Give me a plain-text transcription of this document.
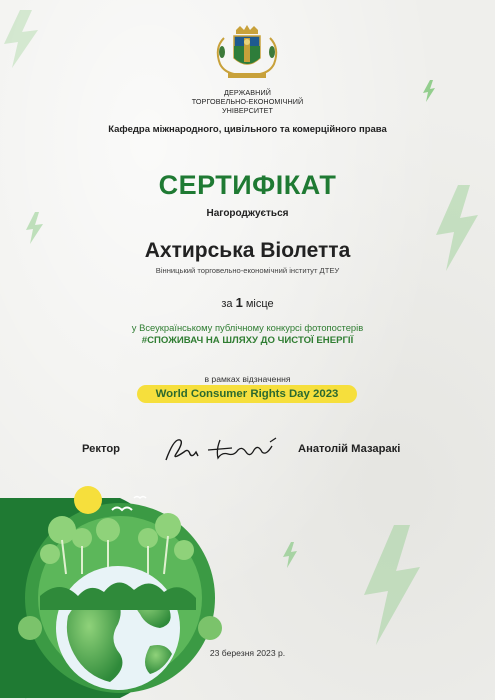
ДЕРЖАВНИЙ
ТОРГОВЕЛЬНО-ЕКОНОМІЧНИЙ
УНІВЕРСИТЕТ
Кафедра міжнародного, цивільного та комерційного права
СЕРТИФІКАТ
Нагороджується
Ахтирська Віолетта
Вінницький торговельно-економічний інститут ДТЕУ
за 1 місце
у Всеукраїнському публічному конкурсі фотопостерів
#СПОЖИВАЧ НА ШЛЯХУ ДО ЧИСТОЇ ЕНЕРГІЇ
в рамках відзначення
World Consumer Rights Day 2023
Ректор	Анатолій Мазаракі
23 березня 2023 р.
